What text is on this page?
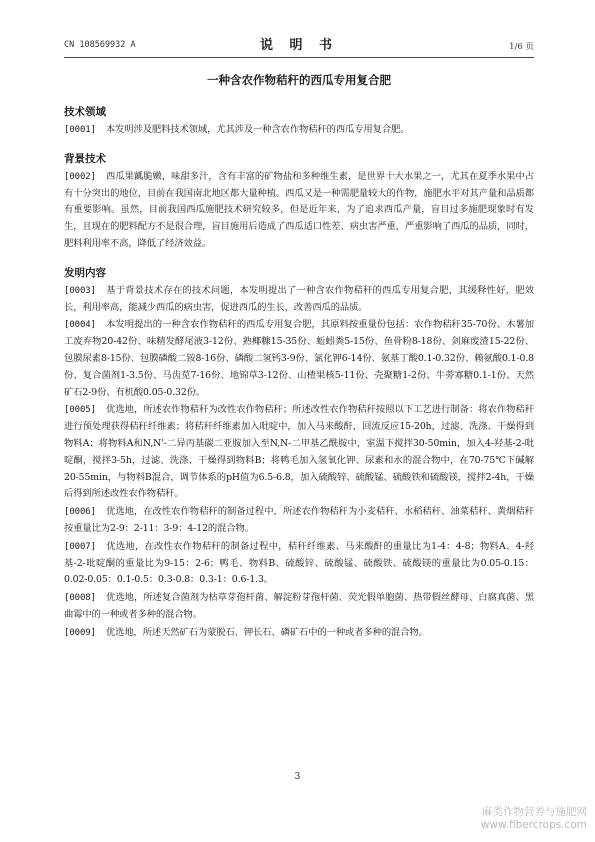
CN 108569932 A	说 明 书	1/6 页
一种含农作物秸秆的西瓜专用复合肥
技术领域

[0001] 本发明涉及肥料技术领域，尤其涉及一种含农作物秸秆的西瓜专用复合肥。

背景技术

[0002] 西瓜果瓤脆嫩，味甜多汁，含有丰富的矿物盐和多种维生素，是世界十大水果之一，尤其在夏季水果中占有十分突出的地位，目前在我国南北地区都大量种植。西瓜又是一种需肥量较大的作物，施肥水平对其产量和品质都有重要影响。虽然，目前我国西瓜施肥技术研究较多，但是近年来，为了追求西瓜产量，盲目过多施肥现象时有发生，且现在的肥料配方不是很合理，盲目施用后造成了西瓜适口性差、病虫害严重，严重影响了西瓜的品质，同时，肥料利用率不高，降低了经济效益。

发明内容

[0003] 基于背景技术存在的技术问题，本发明提出了一种含农作物秸秆的西瓜专用复合肥，其缓释性好，肥效长，利用率高，能减少西瓜的病虫害，促进西瓜的生长，改善西瓜的品质。

[0004] 本发明提出的一种含农作物秸秆的西瓜专用复合肥，其原料按重量份包括：农作物秸秆35-70份、木薯加工废弃物20-42份、味精发酵尾液3-12份、熟椰糠15-35份、蚯蚓粪5-15份、鱼骨粉8-18份、剑麻废渣15-22份、包膜尿素8-15份、包膜磷酸二铵8-16份、磷酸二氢钙3-9份、氯化钾6-14份、氨基丁酸0.1-0.32份、赖氨酸0.1-0.8份、复合菌剂1-3.5份、马齿苋7-16份、地锦草3-12份、山楂果核5-11份、壳聚糖1-2份、牛蒡寡糖0.1-1份、天然矿石2-9份、有机酸0.05-0.32份。

[0005] 优选地，所述农作物秸秆为改性农作物秸秆；所述改性农作物秸秆按照以下工艺进行制备：将农作物秸秆进行预处理获得秸秆纤维素；将秸秆纤维素加入吡啶中，加入马来酸酐，回流反应15-20h，过滤、洗涤、干燥得到物料A；将物料A和N,N'-二异丙基碳二亚胺加入至N,N-二甲基乙酰胺中，室温下搅拌30-50min，加入4-羟基-2-吡啶酮，搅拌3-5h，过滤、洗涤、干燥得到物料B；将鸭毛加入氢氧化钾、尿素和水的混合物中，在70-75℃下碱解20-55min，与物料B混合，调节体系的pH值为6.5-6.8，加入硫酸锌、硫酸锰、硫酸铁和硫酸镁，搅拌2-4h，干燥后得到所述改性农作物秸秆。

[0006] 优选地，在改性农作物秸秆的制备过程中，所述农作物秸秆为小麦秸秆、水稻秸秆、油菜秸秆、黄烟秸秆按重量比为2-9：2-11：3-9：4-12的混合物。

[0007] 优选地，在改性农作物秸秆的制备过程中，秸秆纤维素、马来酸酐的重量比为1-4：4-8；物料A、4-羟基-2-吡啶酮的重量比为9-15：2-6；鸭毛、物料B、硫酸锌、硫酸锰、硫酸铁、硫酸镁的重量比为0.05-0.15：0.02-0.05：0.1-0.5：0.3-0.8：0.3-1：0.6-1.3。

[0008] 优选地，所述复合菌剂为枯草芽孢杆菌、解淀粉芽孢杆菌、荧光假单胞菌、热带假丝酵母、白腐真菌、黑曲霉中的一种或者多种的混合物。

[0009] 优选地，所述天然矿石为蒙脱石、钾长石、磷矿石中的一种或者多种的混合物。

3
麻类作物营养与施肥网
www.fibercrops.com
